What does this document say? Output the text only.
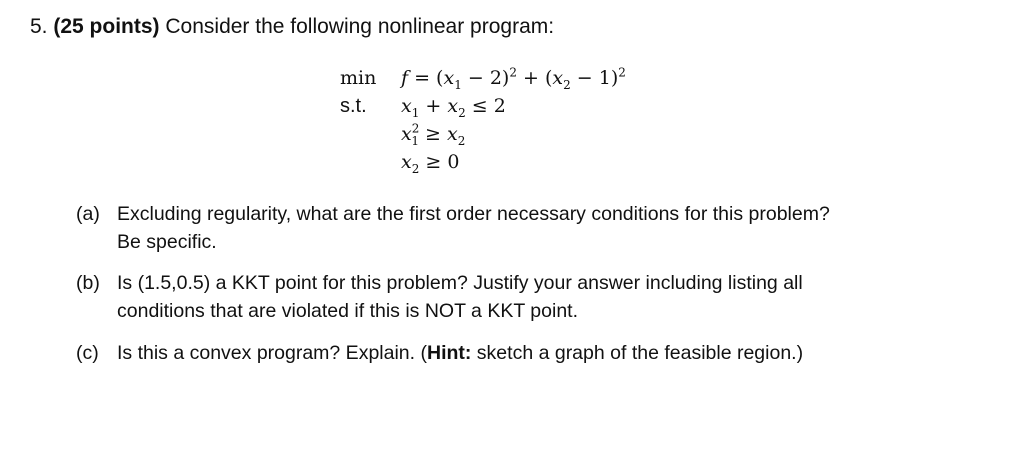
5. (25 points) Consider the following nonlinear program:
$\min f = (x_1 - 2)^2 + (x_2 - 1)^2$
s.t. $x_1 + x_2 \le 2$
$x^2_1 \ge x_2$
$x_2 \ge 0$
(a) Excluding regularity, what are the first order necessary conditions for this problem?
Be specific.
(b) Is (1.5,0.5) a KKT point for this problem? Justify your answer including listing all
conditions that are violated if this is NOT a KKT point.
(c) Is this a convex program? Explain. (Hint: sketch a graph of the feasible region.)
